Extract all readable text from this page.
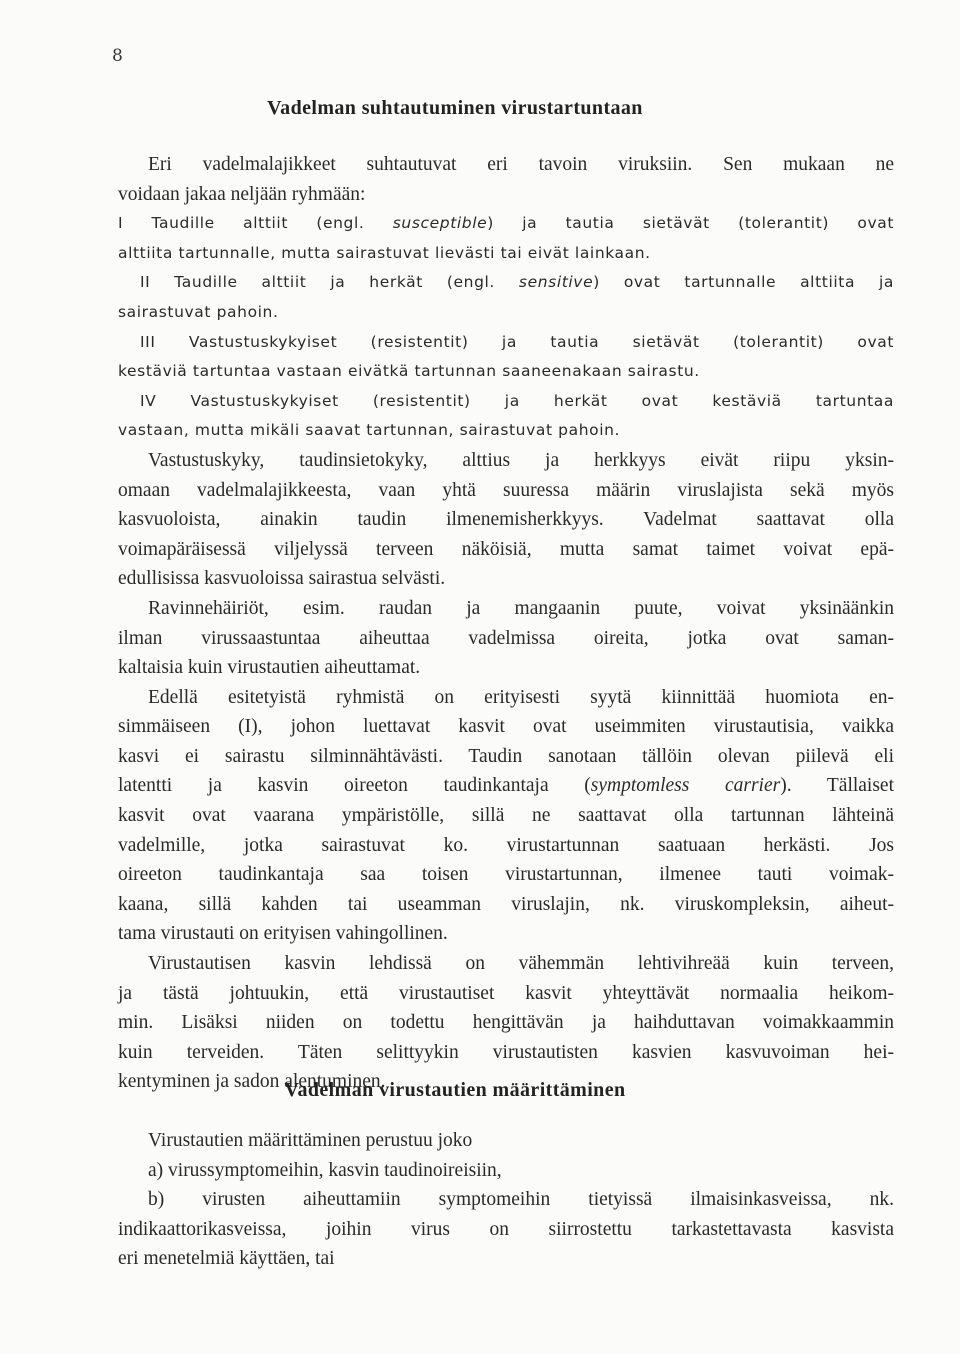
8
Vadelman suhtautuminen virustartuntaan
Eri vadelmalajikkeet suhtautuvat eri tavoin viruksiin. Sen mukaan ne
voidaan jakaa neljään ryhmään:
I Taudille alttiit (engl. susceptible) ja tautia sietävät (tolerantit) ovat
alttiita tartunnalle, mutta sairastuvat lievästi tai eivät lainkaan.
II Taudille alttiit ja herkät (engl. sensitive) ovat tartunnalle alttiita ja
sairastuvat pahoin.
III Vastustuskykyiset (resistentit) ja tautia sietävät (tolerantit) ovat
kestäviä tartuntaa vastaan eivätkä tartunnan saaneenakaan sairastu.
IV Vastustuskykyiset (resistentit) ja herkät ovat kestäviä tartuntaa
vastaan, mutta mikäli saavat tartunnan, sairastuvat pahoin.
Vastustuskyky, taudinsietokyky, alttius ja herkkyys eivät riipu yksin-
omaan vadelmalajikkeesta, vaan yhtä suuressa määrin viruslajista sekä myös
kasvuoloista, ainakin taudin ilmenemisherkkyys. Vadelmat saattavat olla
voimapäräisessä viljelyssä terveen näköisiä, mutta samat taimet voivat epä-
edullisissa kasvuoloissa sairastua selvästi.
Ravinnehäiriöt, esim. raudan ja mangaanin puute, voivat yksinäänkin
ilman virussaastuntaa aiheuttaa vadelmissa oireita, jotka ovat saman-
kaltaisia kuin virustautien aiheuttamat.
Edellä esitetyistä ryhmistä on erityisesti syytä kiinnittää huomiota en-
simmäiseen (I), johon luettavat kasvit ovat useimmiten virustautisia, vaikka
kasvi ei sairastu silminnähtävästi. Taudin sanotaan tällöin olevan piilevä eli
latentti ja kasvin oireeton taudinkantaja (symptomless carrier). Tällaiset
kasvit ovat vaarana ympäristölle, sillä ne saattavat olla tartunnan lähteinä
vadelmille, jotka sairastuvat ko. virustartunnan saatuaan herkästi. Jos
oireeton taudinkantaja saa toisen virustartunnan, ilmenee tauti voimak-
kaana, sillä kahden tai useamman viruslajin, nk. viruskompleksin, aiheut-
tama virustauti on erityisen vahingollinen.
Virustautisen kasvin lehdissä on vähemmän lehtivihreää kuin terveen,
ja tästä johtuukin, että virustautiset kasvit yhteyttävät normaalia heikom-
min. Lisäksi niiden on todettu hengittävän ja haihduttavan voimakkaammin
kuin terveiden. Täten selittyykin virustautisten kasvien kasvuvoiman hei-
kentyminen ja sadon alentuminen.
Vadelman virustautien määrittäminen
Virustautien määrittäminen perustuu joko
a) virussymptomeihin, kasvin taudinoireisiin,
b) virusten aiheuttamiin symptomeihin tietyissä ilmaisinkasveissa, nk.
indikaattorikasveissa, joihin virus on siirrostettu tarkastettavasta kasvista
eri menetelmiä käyttäen, tai
